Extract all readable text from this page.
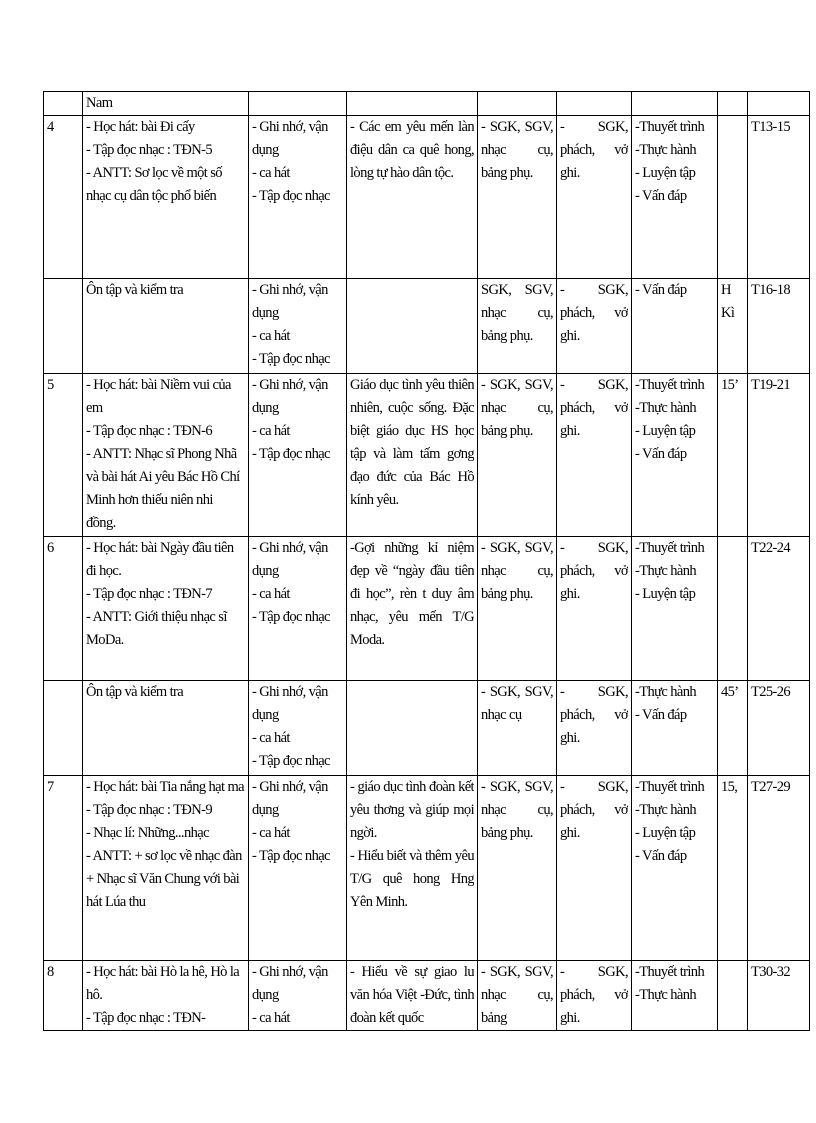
	Nam							

4	- Học hát: bài Đi cấy
- Tập đọc nhạc : TĐN-5
- ANTT: Sơ lọc về một số nhạc cụ dân tộc phổ biến	- Ghi nhớ, vận dụng
- ca hát
- Tập đọc nhạc	- Các em yêu mến làn điệu dân ca quê hong, lòng tự hào dân tộc.	- SGK, SGV, nhạc cụ, bảng phụ.	- SGK, phách, vở ghi.	-Thuyết trình
-Thực hành
- Luyện tập
- Vấn đáp		T13-15

	Ôn tập và kiểm tra	- Ghi nhớ, vận dụng
- ca hát
- Tập đọc nhạc		SGK, SGV, nhạc cụ, bảng phụ.	- SGK, phách, vở ghi.	- Vấn đáp	H Kì	T16-18

5	- Học hát: bài Niềm vui của em
- Tập đọc nhạc : TĐN-6
- ANTT: Nhạc sĩ Phong Nhã và bài hát Ai yêu Bác Hồ Chí Minh hơn thiếu niên nhi đồng.	- Ghi nhớ, vận dụng
- ca hát
- Tập đọc nhạc	Giáo dục tình yêu thiên nhiên, cuộc sống. Đặc biệt giáo dục HS học tập và làm tấm gơng đạo đức của Bác Hồ kính yêu.	- SGK, SGV, nhạc cụ, bảng phụ.	- SGK, phách, vở ghi.	-Thuyết trình
-Thực hành
- Luyện tập
- Vấn đáp	15’	T19-21

6	- Học hát: bài Ngày đầu tiên đi học.
- Tập đọc nhạc : TĐN-7
- ANTT: Giới thiệu nhạc sĩ MoDa.	- Ghi nhớ, vận dụng
- ca hát
- Tập đọc nhạc	-Gợi những kỉ niệm đẹp về “ngày đầu tiên đi học”, rèn t duy âm nhạc, yêu mến T/G Moda.	- SGK, SGV, nhạc cụ, bảng phụ.	- SGK, phách, vở ghi.	-Thuyết trình
-Thực hành
- Luyện tập		T22-24

	Ôn tập và kiểm tra	- Ghi nhớ, vận dụng
- ca hát
- Tập đọc nhạc		- SGK, SGV, nhạc cụ	- SGK, phách, vở ghi.	-Thực hành
- Vấn đáp	45’	T25-26

7	- Học hát: bài Tia nắng hạt ma
- Tập đọc nhạc : TĐN-9
- Nhạc lí: Những...nhạc
- ANTT: + sơ lọc về nhạc đàn
+ Nhạc sĩ Văn Chung với bài hát Lúa thu	- Ghi nhớ, vận dụng
- ca hát
- Tập đọc nhạc	- giáo dục tình đoàn kết yêu thơng và giúp mọi ngời.
- Hiểu biết và thêm yêu T/G quê hong Hng Yên Minh.	- SGK, SGV, nhạc cụ, bảng phụ.	- SGK, phách, vở ghi.	-Thuyết trình
-Thực hành
- Luyện tập
- Vấn đáp	15,	T27-29

8	- Học hát: bài Hò la hê, Hò la hô.
- Tập đọc nhạc : TĐN-	- Ghi nhớ, vận dụng
- ca hát	- Hiểu về sự giao lu văn hóa Việt -Đức, tình đoàn kết quốc	- SGK, SGV, nhạc cụ, bảng	- SGK, phách, vở ghi.	-Thuyết trình
-Thực hành		T30-32
